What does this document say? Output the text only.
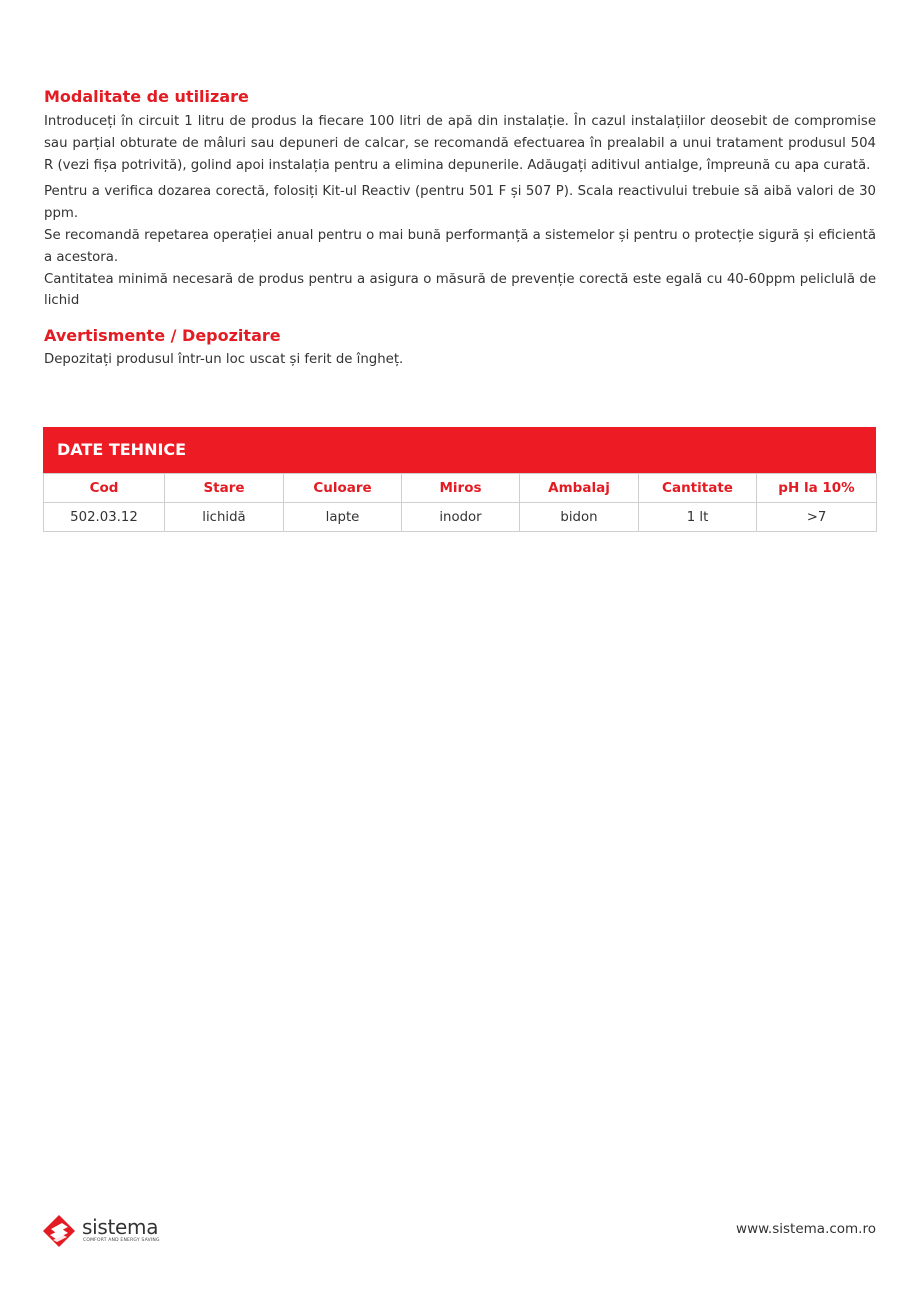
Modalitate de utilizare

Introduceți în circuit 1 litru de produs la fiecare 100 litri de apă din instalație. În cazul instalațiilor deosebit de compromise sau parțial obturate de mâluri sau depuneri de calcar, se recomandă efectuarea în prealabil a unui tratament produsul 504 R (vezi fișa potrivită), golind apoi instalația pentru a elimina depunerile. Adăugați aditivul antialge, împreună cu apa curată.

Pentru a verifica dozarea corectă, folosiți Kit-ul Reactiv (pentru 501 F și 507 P). Scala reactivului trebuie să aibă valori de 30 ppm.

Se recomandă repetarea operației anual pentru o mai bună performanță a sistemelor și pentru o protecție sigură și eficientă a acestora.

Cantitatea minimă necesară de produs pentru a asigura o măsură de prevenție corectă este egală cu 40-60ppm peliclulă de lichid

Avertismente / Depozitare

Depozitați produsul într-un loc uscat și ferit de îngheț.

DATE TEHNICE
Cod	Stare	Culoare	Miros	Ambalaj	Cantitate	pH la 10%
502.03.12	lichidă	lapte	inodor	bidon	1 lt	>7
sistema
COMFORT AND ENERGY SAVING
www.sistema.com.ro
